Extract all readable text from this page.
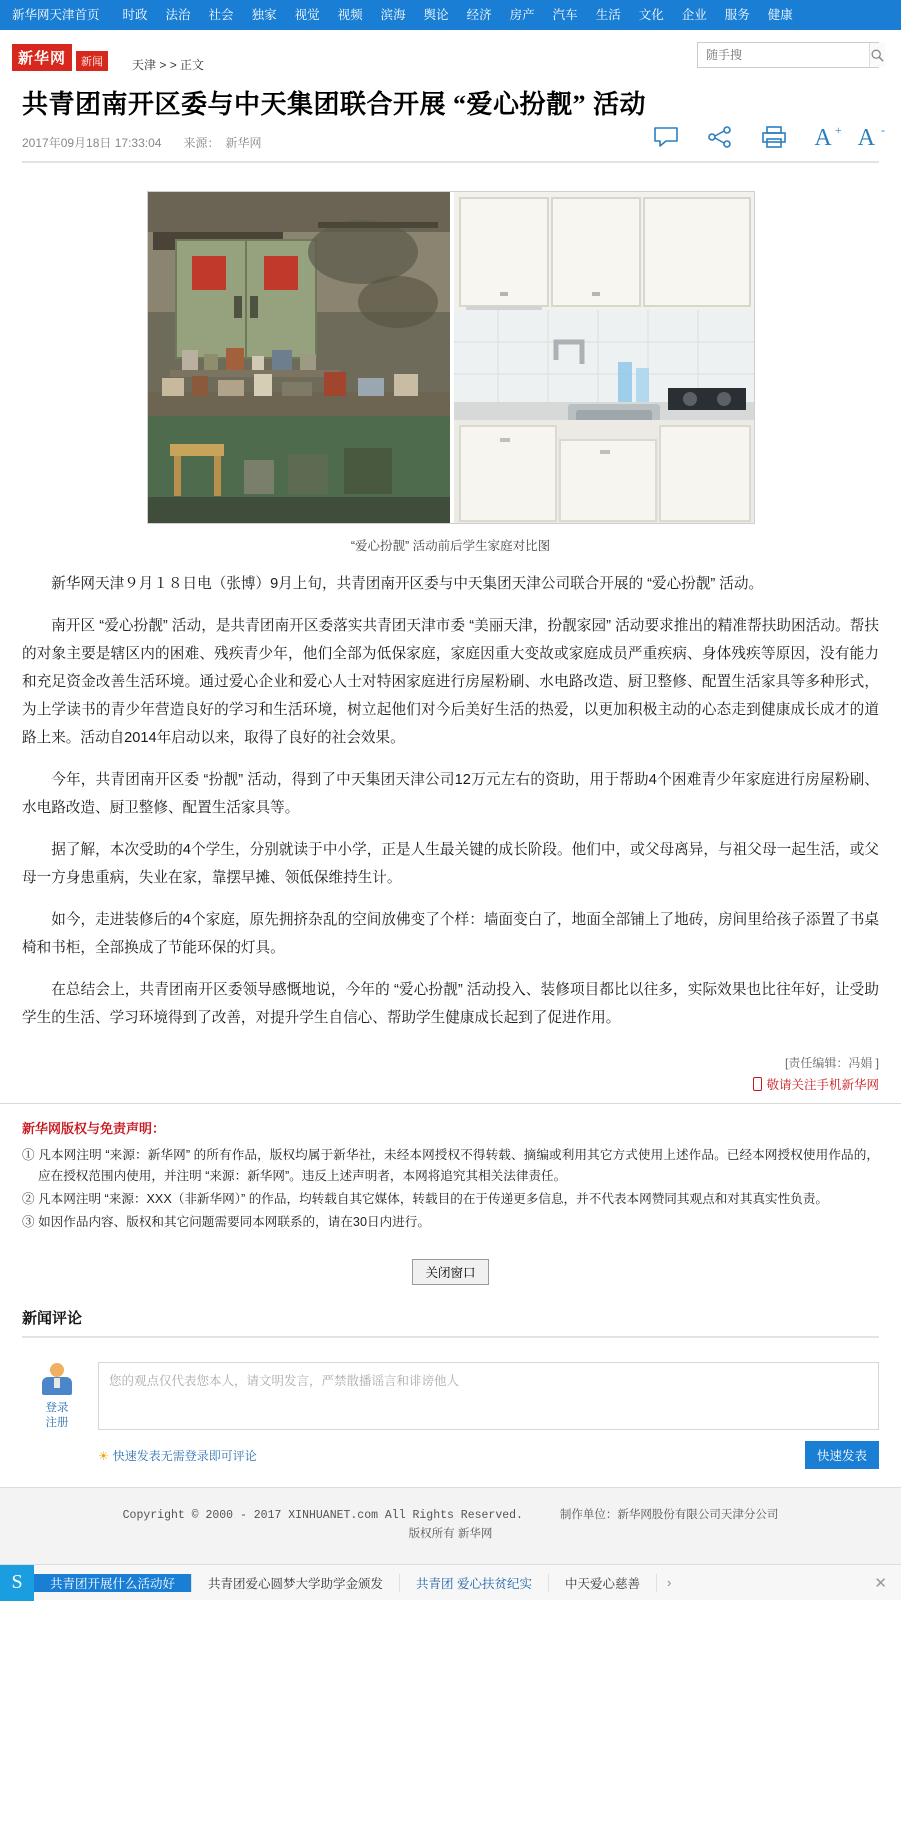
新华网天津首页	时政	法治	社会	独家	视觉	视频	滨海	舆论	经济	房产	汽车	生活	文化	企业	服务	健康
新华网	新闻	天津 > > 正文
随手搜
共青团南开区委与中天集团联合开展 “爱心扮靓” 活动
2017年09月18日 17:33:04 来源： 新华网	A + A -
“爱心扮靓” 活动前后学生家庭对比图

新华网天津９月１８日电（张博）9月上旬，共青团南开区委与中天集团天津公司联合开展的 “爱心扮靓” 活动。

南开区 “爱心扮靓” 活动，是共青团南开区委落实共青团天津市委 “美丽天津，扮靓家园” 活动要求推出的精准帮扶助困活动。帮扶的对象主要是辖区内的困难、残疾青少年，他们全部为低保家庭，家庭因重大变故或家庭成员严重疾病、身体残疾等原因，没有能力和充足资金改善生活环境。通过爱心企业和爱心人士对特困家庭进行房屋粉刷、水电路改造、厨卫整修、配置生活家具等多种形式，为上学读书的青少年营造良好的学习和生活环境，树立起他们对今后美好生活的热爱，以更加积极主动的心态走到健康成长成才的道路上来。活动自2014年启动以来，取得了良好的社会效果。

今年，共青团南开区委 “扮靓” 活动，得到了中天集团天津公司12万元左右的资助，用于帮助4个困难青少年家庭进行房屋粉刷、水电路改造、厨卫整修、配置生活家具等。

据了解，本次受助的4个学生，分别就读于中小学，正是人生最关键的成长阶段。他们中，或父母离异，与祖父母一起生活，或父母一方身患重病，失业在家，靠摆早摊、领低保维持生计。

如今，走进装修后的4个家庭，原先拥挤杂乱的空间放佛变了个样：墙面变白了，地面全部铺上了地砖，房间里给孩子添置了书桌椅和书柜，全部换成了节能环保的灯具。

在总结会上，共青团南开区委领导感慨地说，今年的 “爱心扮靓” 活动投入、装修项目都比以往多，实际效果也比往年好，让受助学生的生活、学习环境得到了改善，对提升学生自信心、帮助学生健康成长起到了促进作用。

[责任编辑：冯娟 ]
敬请关注手机新华网
新华网版权与免责声明：
① 凡本网注明 “来源：新华网” 的所有作品，版权均属于新华社，未经本网授权不得转载、摘编或利用其它方式使用上述作品。已经本网授权使用作品的，应在授权范围内使用，并注明 “来源：新华网”。违反上述声明者，本网将追究其相关法律责任。
② 凡本网注明 “来源：XXX（非新华网）” 的作品，均转载自其它媒体，转载目的在于传递更多信息，并不代表本网赞同其观点和对其真实性负责。
③ 如因作品内容、版权和其它问题需要同本网联系的，请在30日内进行。
关闭窗口
新闻评论
登录
注册
您的观点仅代表您本人，请文明发言，严禁散播谣言和诽谤他人
☀ 快速发表无需登录即可评论	快速发表
Copyright © 2000 - 2017 XINHUANET.com All Rights Reserved.	制作单位：新华网股份有限公司天津分公司
版权所有 新华网
S	共青团开展什么活动好	共青团爱心圆梦大学助学金颁发	共青团 爱心扶贫纪实	中天爱心慈善	›	✕
